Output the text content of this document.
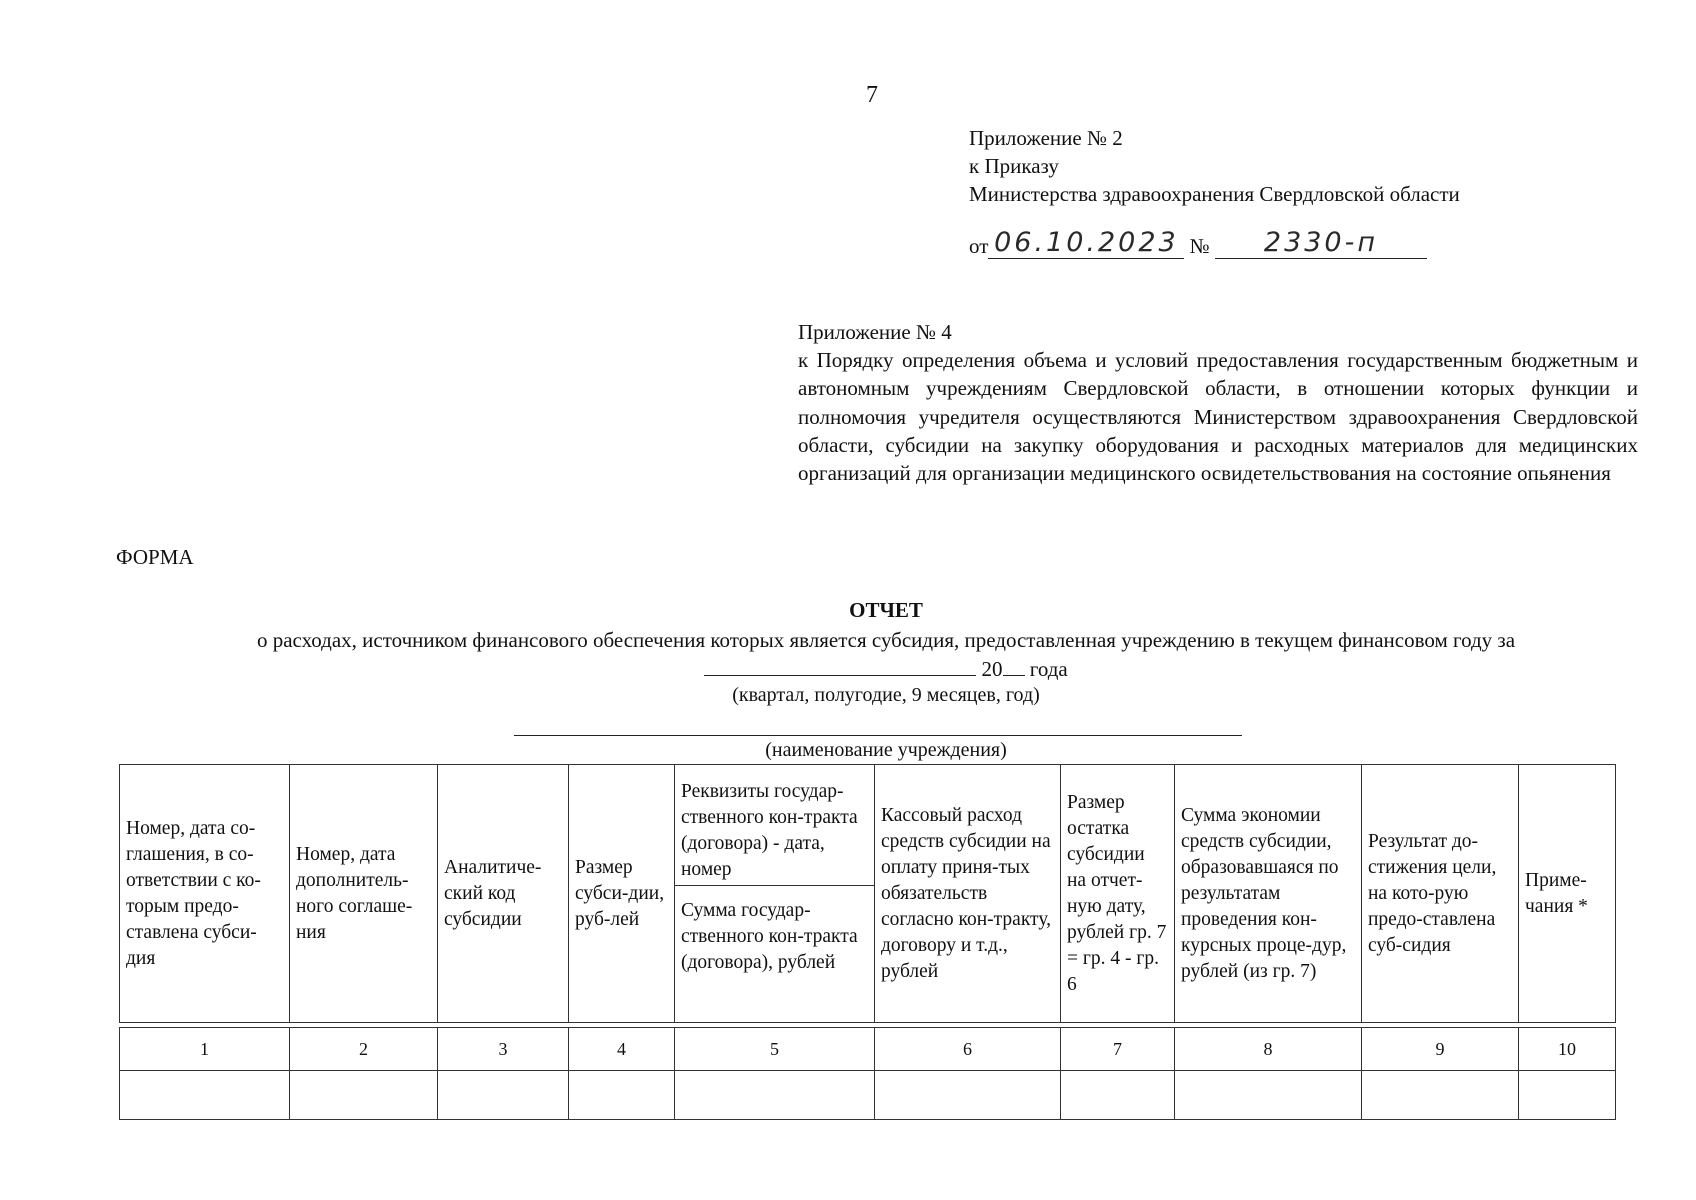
7
Приложение № 2
к Приказу
Министерства здравоохранения Свердловской области
от 06.10.2023 № 2330-п
Приложение № 4
к Порядку определения объема и условий предоставления государственным бюджетным и автономным учреждениям Свердловской области, в отношении которых функции и полномочия учредителя осуществляются Министерством здравоохранения Свердловской области, субсидии на закупку оборудования и расходных материалов для медицинских организаций для организации медицинского освидетельствования на состояние опьянения
ФОРМА
ОТЧЕТ
о расходах, источником финансового обеспечения которых является субсидия, предоставленная учреждению в текущем финансовом году за
20 года
(квартал, полугодие, 9 месяцев, год)
(наименование учреждения)
Номер, дата со-глашения, в со-ответствии с ко-торым предо-ставлена субси-дия	Номер, дата дополнитель-ного соглаше-ния	Аналитиче-ский код субсидии	Размер субси-дии, руб-лей	Реквизиты государ-ственного кон-тракта (договора) - дата, номер	Кассовый расход средств субсидии на оплату приня-тых обязательств согласно кон-тракту, договору и т.д., рублей	Размер остатка субсидии на отчет-ную дату, рублей гр. 7 = гр. 4 - гр. 6	Сумма экономии средств субсидии, образовавшаяся по результатам проведения кон-курсных проце-дур, рублей (из гр. 7)	Результат до-стижения цели, на кото-рую предо-ставлена суб-сидия	Приме-чания *
				Сумма государ-ственного кон-тракта (договора), рублей					

1	2	3	4	5	6	7	8	9	10
